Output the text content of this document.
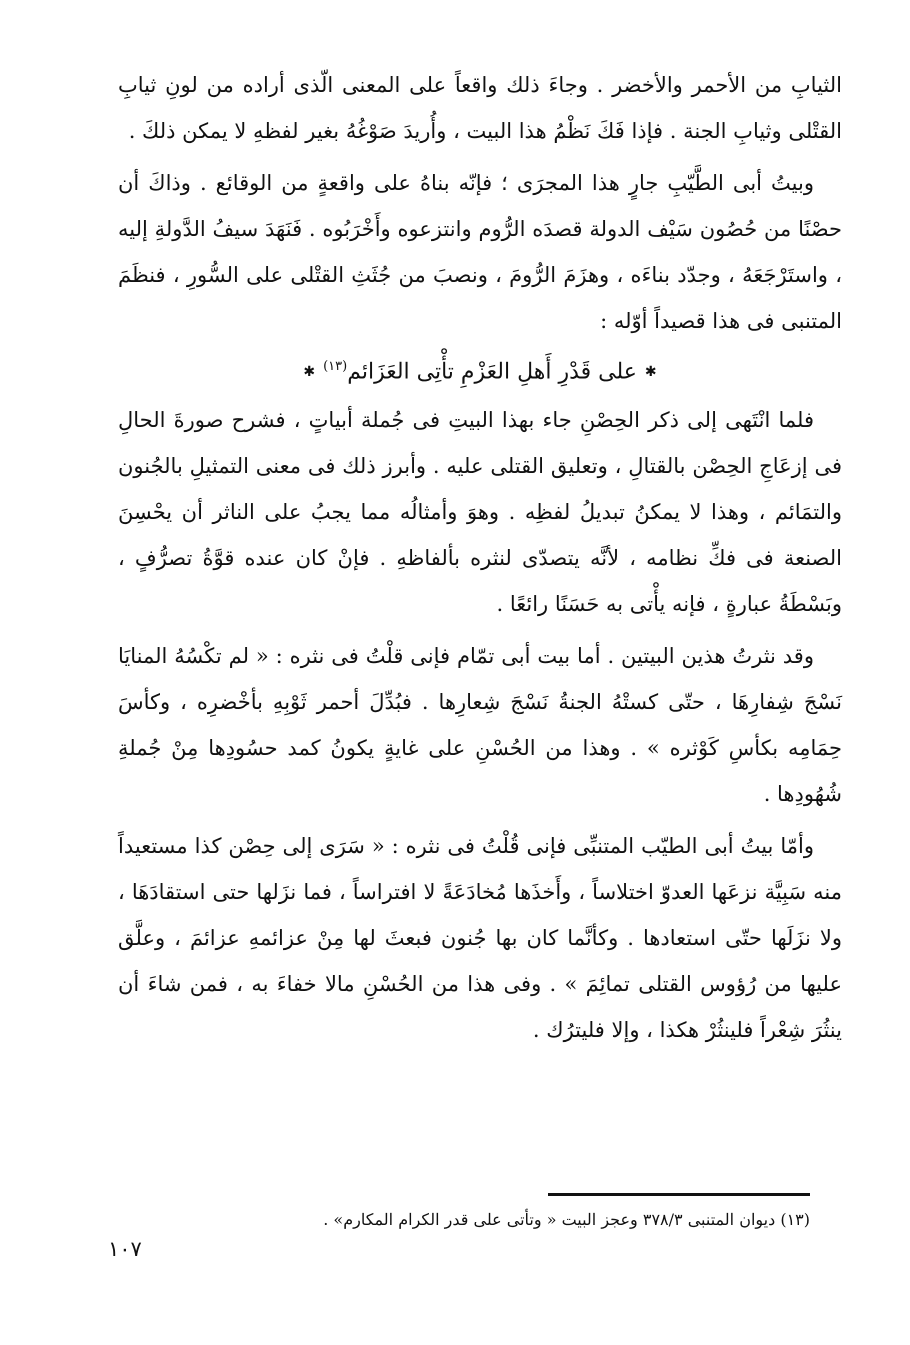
الثيابِ من الأحمر والأخضر . وجاءَ ذلك واقعاً على المعنى الّذى أراده من لونِ ثيابِ القتْلى وثيابِ الجنة . فإذا فَكَ نَظْمُ هذا البيت ، وأُريدَ صَوْغُهُ بغير لفظهِ لا يمكن ذلكَ .

وبيتُ أبى الطَّيّبِ جارٍ هذا المجرَى ؛ فإنّه بناهُ على واقعةٍ من الوقائع . وذاكَ أن حصْنًا من حُصُون سَيْف الدولة قصدَه الرُّوم وانتزعوه وأَخْرَبُوه . فَنَهَدَ سيفُ الدَّولةِ إليه ، واستَرْجَعَهُ ، وجدّد بناءَه ، وهزَمَ الرُّومَ ، ونصبَ من جُثَثِ القتْلى على السُّورِ ، فنظَمَ المتنبى فى هذا قصيداً أوّله :

✱على قَدْرِ أَهلِ العَزْمِ تأْتِى العَزَائم$^{(١٣)}$✱

فلما انْتَهى إلى ذكر الحِصْنِ جاء بهذا البيتِ فى جُملة أبياتٍ ، فشرح صورةَ الحالِ فى إزعَاجِ الحِصْن بالقتالِ ، وتعليق القتلى عليه . وأبرز ذلك فى معنى التمثيلِ بالجُنون والتمَائم ، وهذا لا يمكنُ تبديلُ لفظِه . وهوَ وأمثالُه مما يجبُ على الناثر أن يحْسِنَ الصنعة فى فكِّ نظامه ، لأنَّه يتصدّى لنثره بألفاظهِ . فإنْ كان عنده قوَّةُ تصرُّفٍ ، وبَسْطَةُ عبارةٍ ، فإنه يأْتى به حَسَنًا رائعًا .

وقد نثرتُ هذين البيتين . أما بيت أبى تمّام فإنى قلْتُ فى نثره : « لم تكْسُهُ المنايَا نَسْجَ شِفارِهَا ، حتّى كستْهُ الجنةُ نَسْجَ شِعارِها . فبُدِّلَ أحمر ثَوْبِهِ بأخْضرِه ، وكأسَ حِمَامِه بكأسِ كَوْثره » . وهذا من الحُسْنِ على غايةٍ يكونُ كمد حسُودِها مِنْ جُملةِ شُهُودِها .

وأمّا بيتُ أبى الطيّب المتنبِّى فإنى قُلْتُ فى نثره : « سَرَى إلى حِصْن كذا مستعيداً منه سَبِيَّة نزعَها العدوّ اختلاساً ، وأَخذَها مُخادَعَةً لا افتراساً ، فما نزَلها حتى استقادَهَا ، ولا نزَلَها حتّى استعادها . وكأنَّما كان بها جُنون فبعثَ لها مِنْ عزائمهِ عزائمَ ، وعلَّق عليها من رُؤوس القتلى تمائِمَ » . وفى هذا من الحُسْنِ مالا خفاءَ به ، فمن شاءَ أن ينثُرَ شِعْراً فلينثُرْ هكذا ، وإلا فليترُك .

(١٣) ديوان المتنبى ٣٧٨/٣ وعجز البيت « وتأتى على قدر الكرام المكارم» .
١٠٧
